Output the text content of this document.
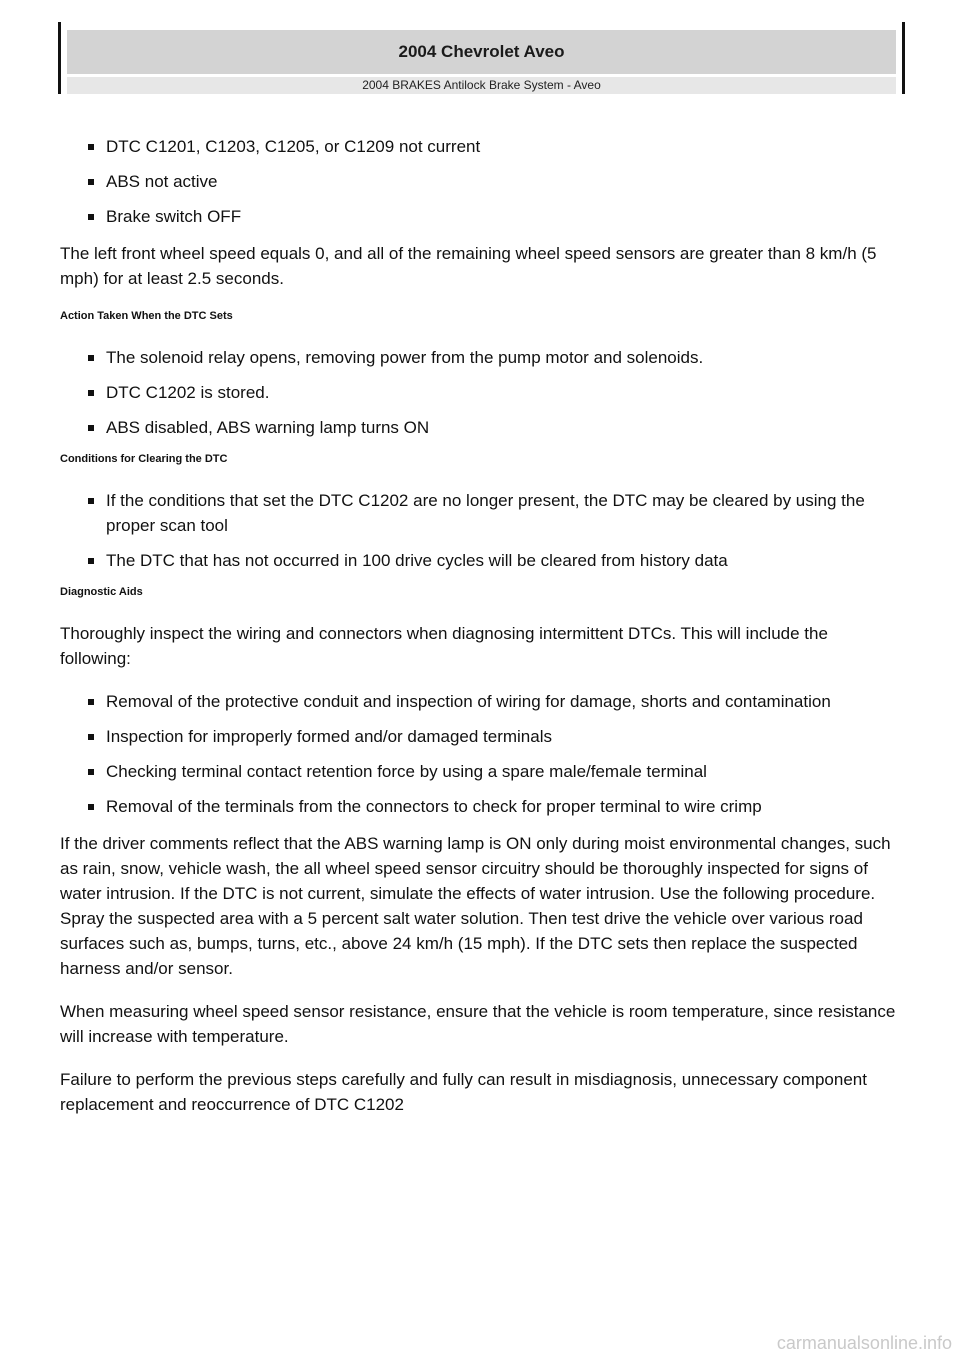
2004 Chevrolet Aveo
2004 BRAKES Antilock Brake System - Aveo
DTC C1201, C1203, C1205, or C1209 not current
ABS not active
Brake switch OFF

The left front wheel speed equals 0, and all of the remaining wheel speed sensors are greater than 8 km/h (5 mph) for at least 2.5 seconds.

Action Taken When the DTC Sets
The solenoid relay opens, removing power from the pump motor and solenoids.
DTC C1202 is stored.
ABS disabled, ABS warning lamp turns ON
Conditions for Clearing the DTC
If the conditions that set the DTC C1202 are no longer present, the DTC may be cleared by using the proper scan tool
The DTC that has not occurred in 100 drive cycles will be cleared from history data
Diagnostic Aids

Thoroughly inspect the wiring and connectors when diagnosing intermittent DTCs. This will include the following:

Removal of the protective conduit and inspection of wiring for damage, shorts and contamination
Inspection for improperly formed and/or damaged terminals
Checking terminal contact retention force by using a spare male/female terminal
Removal of the terminals from the connectors to check for proper terminal to wire crimp

If the driver comments reflect that the ABS warning lamp is ON only during moist environmental changes, such as rain, snow, vehicle wash, the all wheel speed sensor circuitry should be thoroughly inspected for signs of water intrusion. If the DTC is not current, simulate the effects of water intrusion. Use the following procedure. Spray the suspected area with a 5 percent salt water solution. Then test drive the vehicle over various road surfaces such as, bumps, turns, etc., above 24 km/h (15 mph). If the DTC sets then replace the suspected harness and/or sensor.

When measuring wheel speed sensor resistance, ensure that the vehicle is room temperature, since resistance will increase with temperature.

Failure to perform the previous steps carefully and fully can result in misdiagnosis, unnecessary component replacement and reoccurrence of DTC C1202

carmanualsonline.info
